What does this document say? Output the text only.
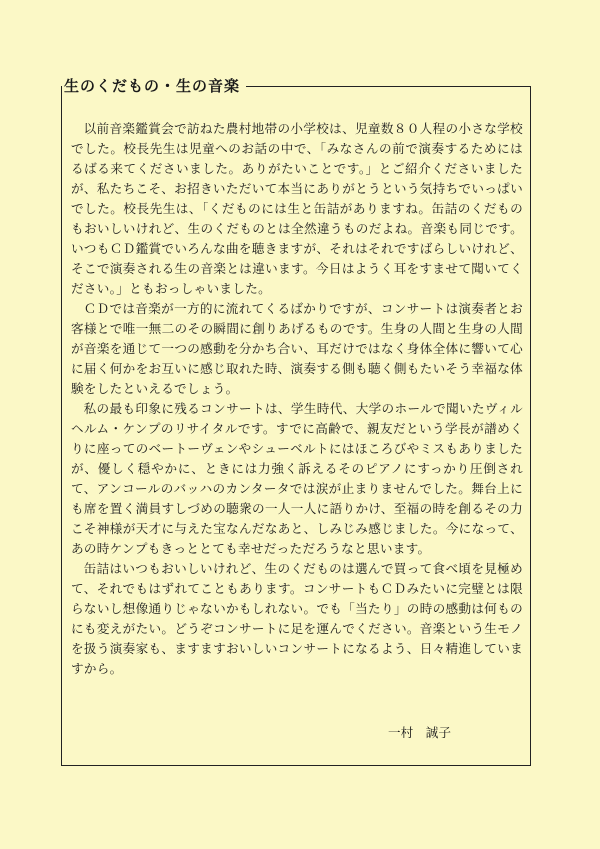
生のくだもの・生の音楽

以前音楽鑑賞会で訪ねた農村地帯の小学校は、児童数８０人程の小さな学校でした。校長先生は児童へのお話の中で、「みなさんの前で演奏するためにはるばる来てくださいました。ありがたいことです。」とご紹介くださいましたが、私たちこそ、お招きいただいて本当にありがとうという気持ちでいっぱいでした。校長先生は、「くだものには生と缶詰がありますね。缶詰のくだものもおいしいけれど、生のくだものとは全然違うものだよね。音楽も同じです。いつもＣＤ鑑賞でいろんな曲を聴きますが、それはそれですばらしいけれど、そこで演奏される生の音楽とは違います。今日はようく耳をすませて聞いてください。」ともおっしゃいました。

ＣＤでは音楽が一方的に流れてくるばかりですが、コンサートは演奏者とお客様とで唯一無二のその瞬間に創りあげるものです。生身の人間と生身の人間が音楽を通じて一つの感動を分かち合い、耳だけではなく身体全体に響いて心に届く何かをお互いに感じ取れた時、演奏する側も聴く側もたいそう幸福な体験をしたといえるでしょう。

私の最も印象に残るコンサートは、学生時代、大学のホールで聞いたヴィルヘルム・ケンプのリサイタルです。すでに高齢で、親友だという学長が譜めくりに座ってのベートーヴェンやシューベルトにはほころびやミスもありましたが、優しく穏やかに、ときには力強く訴えるそのピアノにすっかり圧倒されて、アンコールのバッハのカンタータでは涙が止まりませんでした。舞台上にも席を置く満員すしづめの聴衆の一人一人に語りかけ、至福の時を創るその力こそ神様が天才に与えた宝なんだなあと、しみじみ感じました。今になって、あの時ケンプもきっととても幸せだっただろうなと思います。

缶詰はいつもおいしいけれど、生のくだものは選んで買って食べ頃を見極めて、それでもはずれてこともあります。コンサートもＣＤみたいに完璧とは限らないし想像通りじゃないかもしれない。でも「当たり」の時の感動は何ものにも変えがたい。どうぞコンサートに足を運んでください。音楽という生モノを扱う演奏家も、ますますおいしいコンサートになるよう、日々精進していますから。

一村　誠子
